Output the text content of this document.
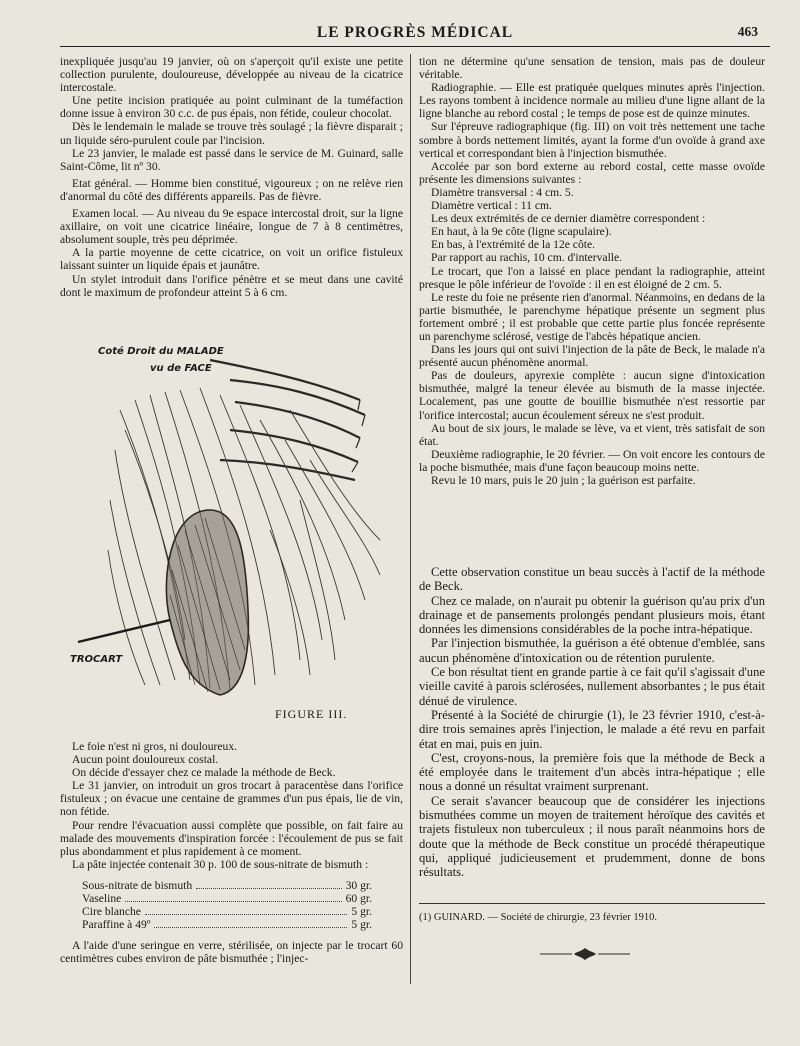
LE PROGRÈS MÉDICAL	463

inexpliquée jusqu'au 19 janvier, où on s'aperçoit qu'il existe une petite collection purulente, douloureuse, développée au niveau de la cicatrice intercostale.

Une petite incision pratiquée au point culminant de la tuméfaction donne issue à environ 30 c.c. de pus épais, non fétide, couleur chocolat.

Dès le lendemain le malade se trouve très soulagé ; la fièvre disparait ; un liquide séro-purulent coule par l'incision.

Le 23 janvier, le malade est passé dans le service de M. Guinard, salle Saint-Côme, lit nº 30.

Etat général. — Homme bien constitué, vigoureux ; on ne relève rien d'anormal du côté des différents appareils. Pas de fièvre.

Examen local. — Au niveau du 9e espace intercostal droit, sur la ligne axillaire, on voit une cicatrice linéaire, longue de 7 à 8 centimètres, absolument souple, très peu déprimée.

A la partie moyenne de cette cicatrice, on voit un orifice fistuleux laissant suinter un liquide épais et jaunâtre.

Un stylet introduit dans l'orifice pénètre et se meut dans une cavité dont le maximum de profondeur atteint 5 à 6 cm.

Coté Droit du MALADE
vu de FACE
TROCART
FIGURE III.

Le foie n'est ni gros, ni douloureux.

Aucun point douloureux costal.

On décide d'essayer chez ce malade la méthode de Beck.

Le 31 janvier, on introduit un gros trocart à paracentèse dans l'orifice fistuleux ; on évacue une centaine de grammes d'un pus épais, lie de vin, non fétide.

Pour rendre l'évacuation aussi complète que possible, on fait faire au malade des mouvements d'inspiration forcée : l'écoulement de pus se fait plus abondamment et plus rapidement à ce moment.

La pâte injectée contenait 30 p. 100 de sous-nitrate de bismuth :

Sous-nitrate de bismuth	30 gr.
Vaseline	60 gr.
Cire blanche	5 gr.
Paraffine à 49º	5 gr.

A l'aide d'une seringue en verre, stérilisée, on injecte par le trocart 60 centimètres cubes environ de pâte bismuthée ; l'injec-

tion ne détermine qu'une sensation de tension, mais pas de douleur véritable.

Radiographie. — Elle est pratiquée quelques minutes après l'injection. Les rayons tombent à incidence normale au milieu d'une ligne allant de la ligne blanche au rebord costal ; le temps de pose est de quinze minutes.

Sur l'épreuve radiographique (fig. III) on voit très nettement une tache sombre à bords nettement limités, ayant la forme d'un ovoïde à grand axe vertical et correspondant bien à l'injection bismuthée.

Accolée par son bord externe au rebord costal, cette masse ovoïde présente les dimensions suivantes :

Diamètre transversal : 4 cm. 5.

Diamètre vertical : 11 cm.

Les deux extrémités de ce dernier diamètre correspondent :

En haut, à la 9e côte (ligne scapulaire).

En bas, à l'extrémité de la 12e côte.

Par rapport au rachis, 10 cm. d'intervalle.

Le trocart, que l'on a laissé en place pendant la radiographie, atteint presque le pôle inférieur de l'ovoïde : il en est éloigné de 2 cm. 5.

Le reste du foie ne présente rien d'anormal. Néanmoins, en dedans de la partie bismuthée, le parenchyme hépatique présente un segment plus fortement ombré ; il est probable que cette partie plus foncée représente un parenchyme sclérosé, vestige de l'abcès hépatique ancien.

Dans les jours qui ont suivi l'injection de la pâte de Beck, le malade n'a présenté aucun phénomène anormal.

Pas de douleurs, apyrexie complète : aucun signe d'intoxication bismuthée, malgré la teneur élevée au bismuth de la masse injectée. Localement, pas une goutte de bouillie bismuthée n'est ressortie par l'orifice intercostal; aucun écoulement séreux ne s'est produit.

Au bout de six jours, le malade se lève, va et vient, très satisfait de son état.

Deuxième radiographie, le 20 février. — On voit encore les contours de la poche bismuthée, mais d'une façon beaucoup moins nette.

Revu le 10 mars, puis le 20 juin ; la guérison est parfaite.

Cette observation constitue un beau succès à l'actif de la méthode de Beck.

Chez ce malade, on n'aurait pu obtenir la guérison qu'au prix d'un drainage et de pansements prolongés pendant plusieurs mois, étant données les dimensions considérables de la poche intra-hépatique.

Par l'injection bismuthée, la guérison a été obtenue d'emblée, sans aucun phénomène d'intoxication ou de rétention purulente.

Ce bon résultat tient en grande partie à ce fait qu'il s'agissait d'une vieille cavité à parois sclérosées, nullement absorbantes ; le pus était dénué de virulence.

Présenté à la Société de chirurgie (1), le 23 février 1910, c'est-à-dire trois semaines après l'injection, le malade a été revu en parfait état en mai, puis en juin.

C'est, croyons-nous, la première fois que la méthode de Beck a été employée dans le traitement d'un abcès intra-hépatique ; elle nous a donné un résultat vraiment surprenant.

Ce serait s'avancer beaucoup que de considérer les injections bismuthées comme un moyen de traitement héroïque des cavités et trajets fistuleux non tuberculeux ; il nous paraît néanmoins hors de doute que la méthode de Beck constitue un procédé thérapeutique qui, appliqué judicieusement et prudemment, donne de bons résultats.

(1) GUINARD. — Société de chirurgie, 23 février 1910.
